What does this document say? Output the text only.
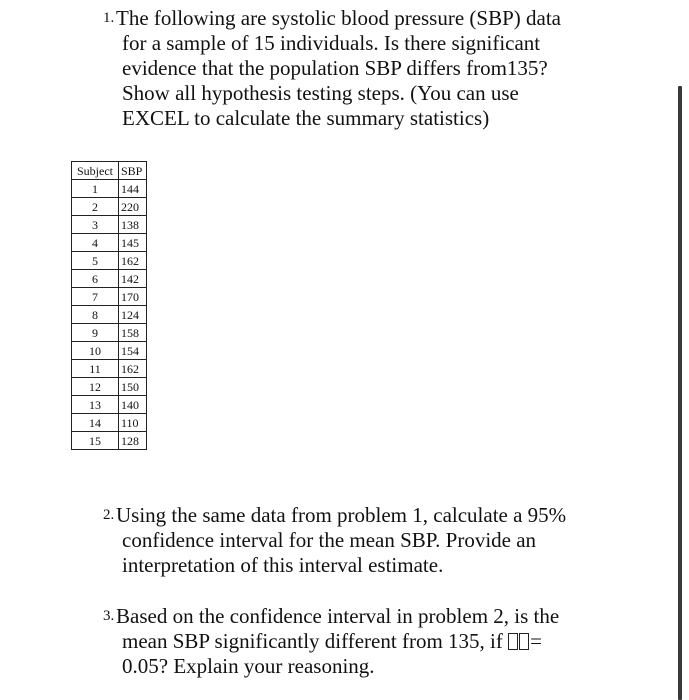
1. The following are systolic blood pressure (SBP) data
for a sample of 15 individuals. Is there significant
evidence that the population SBP differs from135?
Show all hypothesis testing steps. (You can use
EXCEL to calculate the summary statistics)
Subject	SBP
1	144
2	220
3	138
4	145
5	162
6	142
7	170
8	124
9	158
10	154
11	162
12	150
13	140
14	110
15	128
2. Using the same data from problem 1, calculate a 95%
confidence interval for the mean SBP. Provide an
interpretation of this interval estimate.
3. Based on the confidence interval in problem 2, is the
mean SBP significantly different from 135, if =
0.05? Explain your reasoning.
